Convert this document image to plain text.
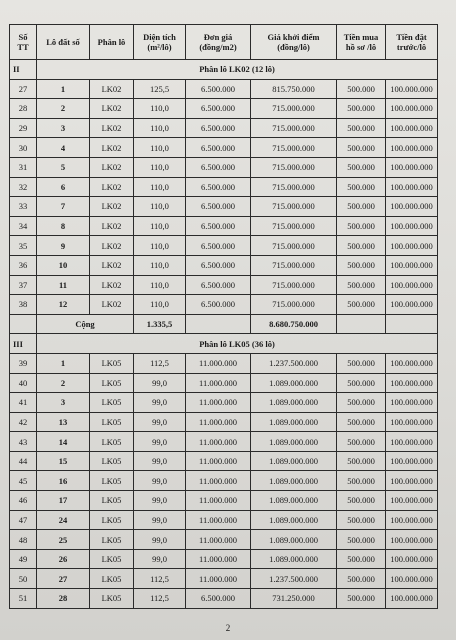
Số TT	Lô đất số	Phân lô	Diện tích (m²/lô)	Đơn giá (đồng/m2)	Giá khởi điểm (đồng/lô)	Tiền mua hồ sơ /lô	Tiền đặt trước/lô
II	Phân lô LK02 (12 lô)						
27	1	LK02	125,5	6.500.000	815.750.000	500.000	100.000.000
28	2	LK02	110,0	6.500.000	715.000.000	500.000	100.000.000
29	3	LK02	110,0	6.500.000	715.000.000	500.000	100.000.000
30	4	LK02	110,0	6.500.000	715.000.000	500.000	100.000.000
31	5	LK02	110,0	6.500.000	715.000.000	500.000	100.000.000
32	6	LK02	110,0	6.500.000	715.000.000	500.000	100.000.000
33	7	LK02	110,0	6.500.000	715.000.000	500.000	100.000.000
34	8	LK02	110,0	6.500.000	715.000.000	500.000	100.000.000
35	9	LK02	110,0	6.500.000	715.000.000	500.000	100.000.000
36	10	LK02	110,0	6.500.000	715.000.000	500.000	100.000.000
37	11	LK02	110,0	6.500.000	715.000.000	500.000	100.000.000
38	12	LK02	110,0	6.500.000	715.000.000	500.000	100.000.000
	Cộng		1.335,5		8.680.750.000		
III	Phân lô LK05 (36 lô)						
39	1	LK05	112,5	11.000.000	1.237.500.000	500.000	100.000.000
40	2	LK05	99,0	11.000.000	1.089.000.000	500.000	100.000.000
41	3	LK05	99,0	11.000.000	1.089.000.000	500.000	100.000.000
42	13	LK05	99,0	11.000.000	1.089.000.000	500.000	100.000.000
43	14	LK05	99,0	11.000.000	1.089.000.000	500.000	100.000.000
44	15	LK05	99,0	11.000.000	1.089.000.000	500.000	100.000.000
45	16	LK05	99,0	11.000.000	1.089.000.000	500.000	100.000.000
46	17	LK05	99,0	11.000.000	1.089.000.000	500.000	100.000.000
47	24	LK05	99,0	11.000.000	1.089.000.000	500.000	100.000.000
48	25	LK05	99,0	11.000.000	1.089.000.000	500.000	100.000.000
49	26	LK05	99,0	11.000.000	1.089.000.000	500.000	100.000.000
50	27	LK05	112,5	11.000.000	1.237.500.000	500.000	100.000.000
51	28	LK05	112,5	6.500.000	731.250.000	500.000	100.000.000
2
